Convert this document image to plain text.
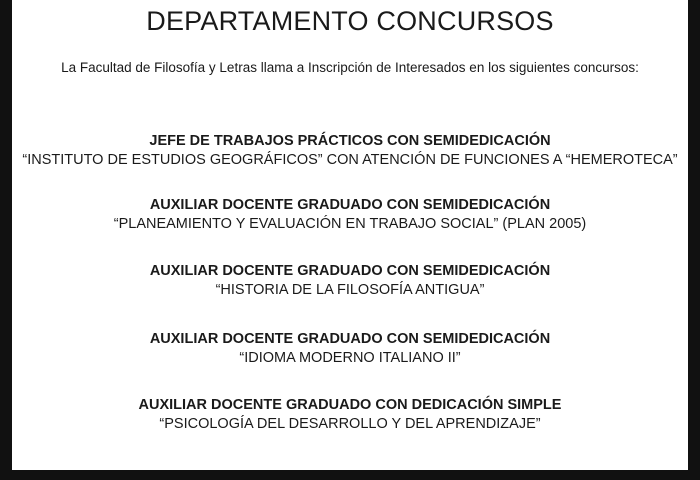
DEPARTAMENTO CONCURSOS
La Facultad de Filosofía y Letras llama a Inscripción de Interesados en los siguientes concursos:
JEFE DE TRABAJOS PRÁCTICOS CON SEMIDEDICACIÓN
“INSTITUTO DE ESTUDIOS GEOGRÁFICOS” CON ATENCIÓN DE FUNCIONES A “HEMEROTECA”
AUXILIAR DOCENTE GRADUADO CON SEMIDEDICACIÓN
“PLANEAMIENTO Y EVALUACIÓN EN TRABAJO SOCIAL” (PLAN 2005)
AUXILIAR DOCENTE GRADUADO CON SEMIDEDICACIÓN
“HISTORIA DE LA FILOSOFÍA ANTIGUA”
AUXILIAR DOCENTE GRADUADO CON SEMIDEDICACIÓN
“IDIOMA MODERNO ITALIANO II”
AUXILIAR DOCENTE GRADUADO CON DEDICACIÓN SIMPLE
“PSICOLOGÍA DEL DESARROLLO Y DEL APRENDIZAJE”
